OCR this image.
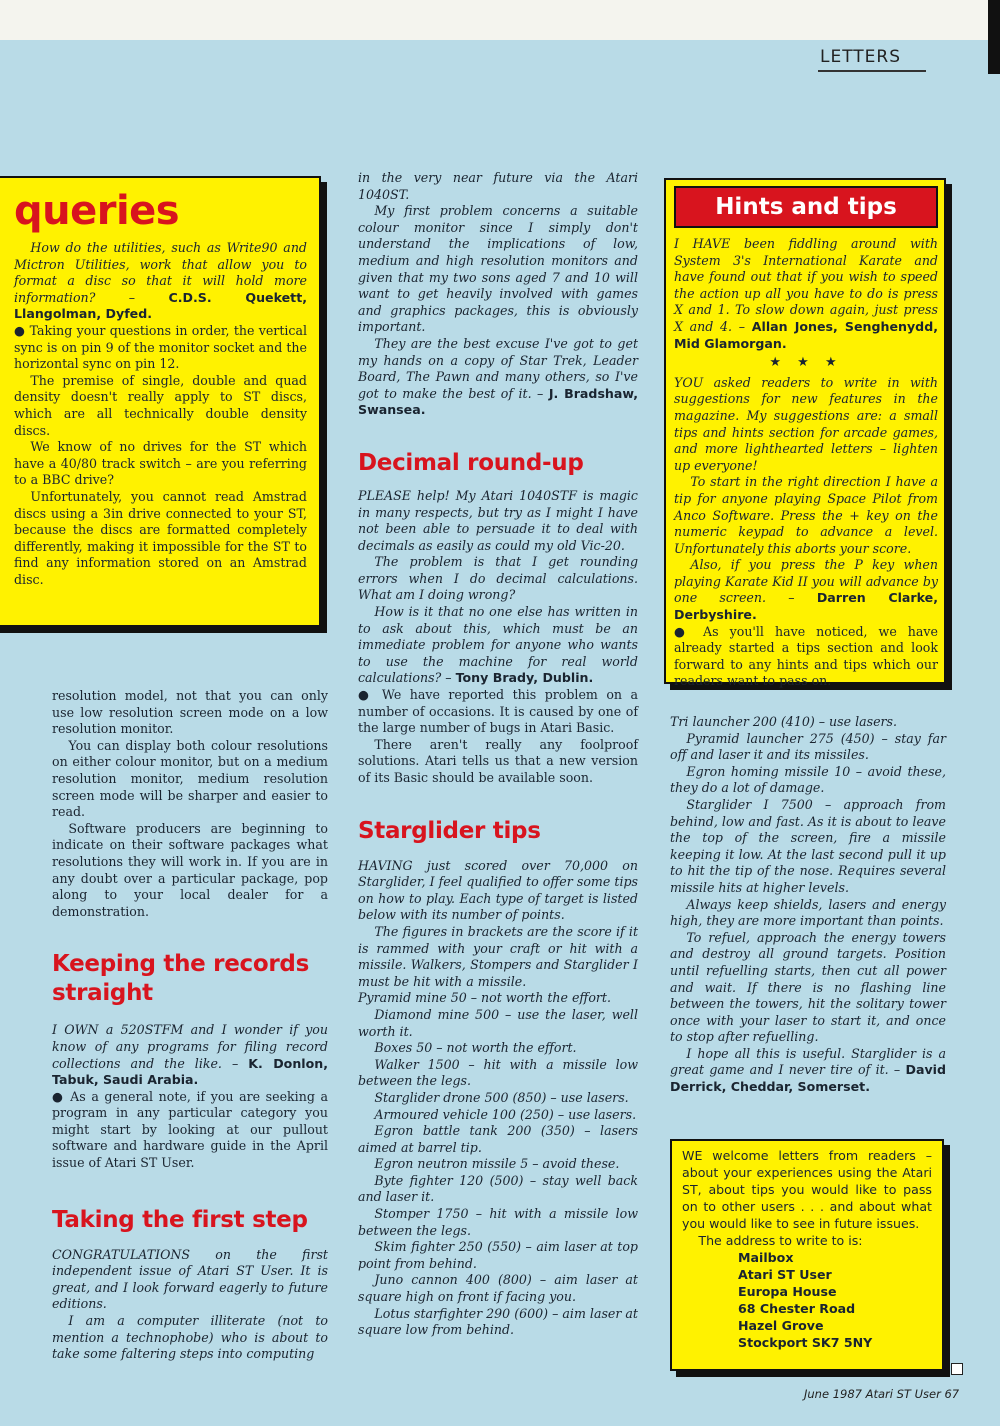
LETTERS
queries

How do the utilities, such as Write90 and Mictron Utilities, work that allow you to format a disc so that it will hold more information? – C.D.S. Quekett, Llangolman, Dyfed.

● Taking your questions in order, the vertical sync is on pin 9 of the monitor socket and the horizontal sync on pin 12.

The premise of single, double and quad density doesn't really apply to ST discs, which are all technically double density discs.

We know of no drives for the ST which have a 40/80 track switch – are you referring to a BBC drive?

Unfortunately, you cannot read Amstrad discs using a 3in drive connected to your ST, because the discs are formatted completely differently, making it impossible for the ST to find any information stored on an Amstrad disc.

resolution model, not that you can only use low resolution screen mode on a low resolution monitor.

You can display both colour resolutions on either colour monitor, but on a medium resolution monitor, medium resolution screen mode will be sharper and easier to read.

Software producers are beginning to indicate on their software packages what resolutions they will work in. If you are in any doubt over a particular package, pop along to your local dealer for a demonstration.

Keeping the records straight

I OWN a 520STFM and I wonder if you know of any programs for filing record collections and the like. – K. Donlon, Tabuk, Saudi Arabia.

● As a general note, if you are seeking a program in any particular category you might start by looking at our pullout software and hardware guide in the April issue of Atari ST User.

Taking the first step

CONGRATULATIONS on the first independent issue of Atari ST User. It is great, and I look forward eagerly to future editions.

I am a computer illiterate (not to mention a technophobe) who is about to take some faltering steps into computing

in the very near future via the Atari 1040ST.

My first problem concerns a suitable colour monitor since I simply don't understand the implications of low, medium and high resolution monitors and given that my two sons aged 7 and 10 will want to get heavily involved with games and graphics packages, this is obviously important.

They are the best excuse I've got to get my hands on a copy of Star Trek, Leader Board, The Pawn and many others, so I've got to make the best of it. – J. Bradshaw, Swansea.

Decimal round-up

PLEASE help! My Atari 1040STF is magic in many respects, but try as I might I have not been able to persuade it to deal with decimals as easily as could my old Vic-20.

The problem is that I get rounding errors when I do decimal calculations. What am I doing wrong?

How is it that no one else has written in to ask about this, which must be an immediate problem for anyone who wants to use the machine for real world calculations? – Tony Brady, Dublin.

● We have reported this problem on a number of occasions. It is caused by one of the large number of bugs in Atari Basic.

There aren't really any foolproof solutions. Atari tells us that a new version of its Basic should be available soon.

Starglider tips

HAVING just scored over 70,000 on Starglider, I feel qualified to offer some tips on how to play. Each type of target is listed below with its number of points.

The figures in brackets are the score if it is rammed with your craft or hit with a missile. Walkers, Stompers and Starglider I must be hit with a missile.

Pyramid mine 50 – not worth the effort.

Diamond mine 500 – use the laser, well worth it.

Boxes 50 – not worth the effort.

Walker 1500 – hit with a missile low between the legs.

Starglider drone 500 (850) – use lasers.

Armoured vehicle 100 (250) – use lasers.

Egron battle tank 200 (350) – lasers aimed at barrel tip.

Egron neutron missile 5 – avoid these.

Byte fighter 120 (500) – stay well back and laser it.

Stomper 1750 – hit with a missile low between the legs.

Skim fighter 250 (550) – aim laser at top point from behind.

Juno cannon 400 (800) – aim laser at square high on front if facing you.

Lotus starfighter 290 (600) – aim laser at square low from behind.

Hints and tips

I HAVE been fiddling around with System 3's International Karate and have found out that if you wish to speed the action up all you have to do is press X and 1. To slow down again, just press X and 4. – Allan Jones, Senghenydd, Mid Glamorgan.

★ ★ ★

YOU asked readers to write in with suggestions for new features in the magazine. My suggestions are: a small tips and hints section for arcade games, and more lighthearted letters – lighten up everyone!

To start in the right direction I have a tip for anyone playing Space Pilot from Anco Software. Press the + key on the numeric keypad to advance a level. Unfortunately this aborts your score.

Also, if you press the P key when playing Karate Kid II you will advance by one screen. – Darren Clarke, Derbyshire.

● As you'll have noticed, we have already started a tips section and look forward to any hints and tips which our readers want to pass on.

Tri launcher 200 (410) – use lasers.

Pyramid launcher 275 (450) – stay far off and laser it and its missiles.

Egron homing missile 10 – avoid these, they do a lot of damage.

Starglider I 7500 – approach from behind, low and fast. As it is about to leave the top of the screen, fire a missile keeping it low. At the last second pull it up to hit the tip of the nose. Requires several missile hits at higher levels.

Always keep shields, lasers and energy high, they are more important than points.

To refuel, approach the energy towers and destroy all ground targets. Position until refuelling starts, then cut all power and wait. If there is no flashing line between the towers, hit the solitary tower once with your laser to start it, and once to stop after refuelling.

I hope all this is useful. Starglider is a great game and I never tire of it. – David Derrick, Cheddar, Somerset.

WE welcome letters from readers – about your experiences using the Atari ST, about tips you would like to pass on to other users . . . and about what you would like to see in future issues.

The address to write to is:

Mailbox
Atari ST User
Europa House
68 Chester Road
Hazel Grove
Stockport SK7 5NY
June 1987 Atari ST User 67
